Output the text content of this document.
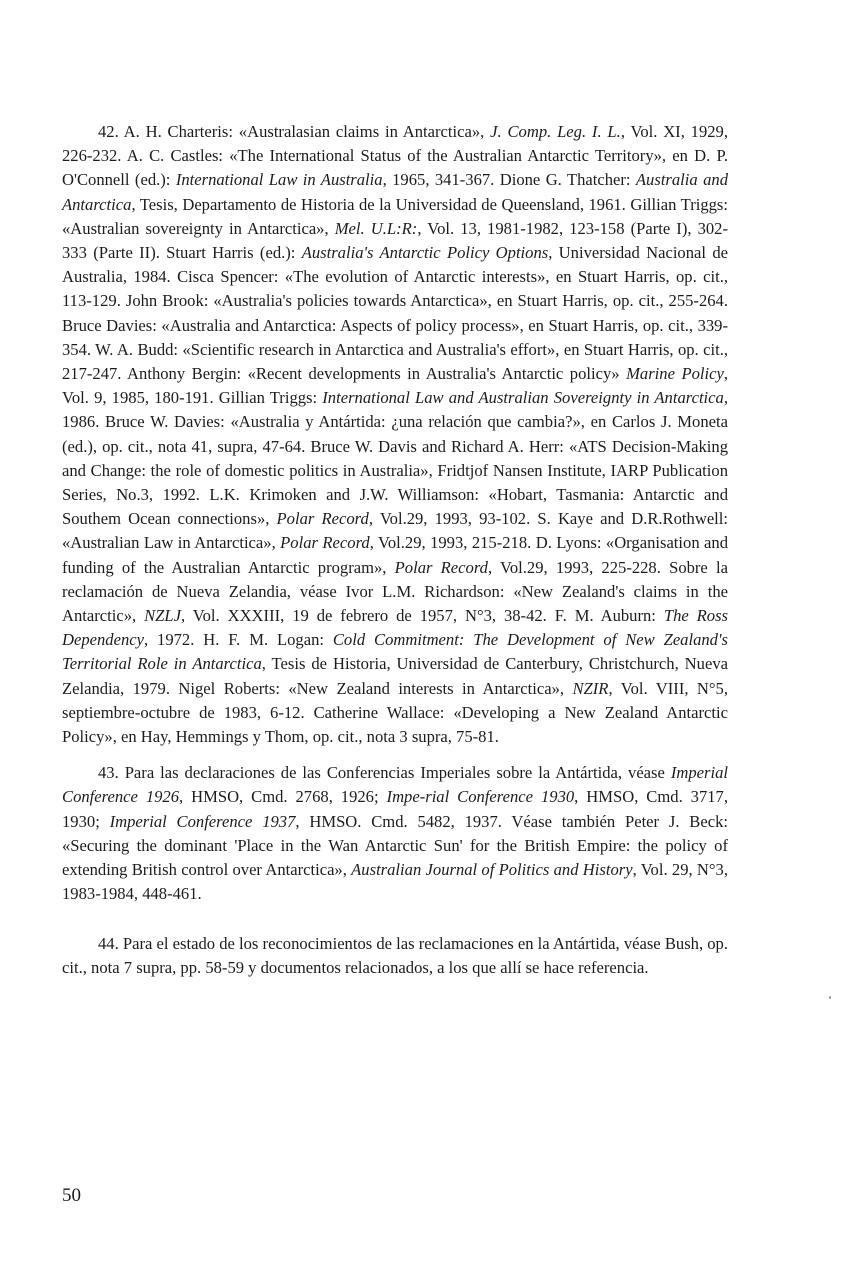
42. A. H. Charteris: «Australasian claims in Antarctica», J. Comp. Leg. I. L., Vol. XI, 1929, 226-232. A. C. Castles: «The International Status of the Australian Antarctic Territory», en D. P. O'Connell (ed.): International Law in Australia, 1965, 341-367. Dione G. Thatcher: Australia and Antarctica, Tesis, Departamento de Historia de la Universidad de Queensland, 1961. Gillian Triggs: «Australian sovereignty in Antarctica», Mel. U.L:R:, Vol. 13, 1981-1982, 123-158 (Parte I), 302-333 (Parte II). Stuart Harris (ed.): Australia's Antarctic Policy Options, Universidad Nacional de Australia, 1984. Cisca Spencer: «The evolution of Antarctic interests», en Stuart Harris, op. cit., 113-129. John Brook: «Australia's policies towards Antarctica», en Stuart Harris, op. cit., 255-264. Bruce Davies: «Australia and Antarctica: Aspects of policy process», en Stuart Harris, op. cit., 339-354. W. A. Budd: «Scientific research in Antarctica and Australia's effort», en Stuart Harris, op. cit., 217-247. Anthony Bergin: «Recent developments in Australia's Antarctic policy» Marine Policy, Vol. 9, 1985, 180-191. Gillian Triggs: International Law and Australian Sovereignty in Antarctica, 1986. Bruce W. Davies: «Australia y Antártida: ¿una relación que cambia?», en Carlos J. Moneta (ed.), op. cit., nota 41, supra, 47-64. Bruce W. Davis and Richard A. Herr: «ATS Decision-Making and Change: the role of domestic politics in Australia», Fridtjof Nansen Institute, IARP Publication Series, No.3, 1992. L.K. Krimoken and J.W. Williamson: «Hobart, Tasmania: Antarctic and Southem Ocean connections», Polar Record, Vol.29, 1993, 93-102. S. Kaye and D.R.Rothwell: «Australian Law in Antarctica», Polar Record, Vol.29, 1993, 215-218. D. Lyons: «Organisation and funding of the Australian Antarctic program», Polar Record, Vol.29, 1993, 225-228. Sobre la reclamación de Nueva Zelandia, véase Ivor L.M. Richardson: «New Zealand's claims in the Antarctic», NZLJ, Vol. XXXIII, 19 de febrero de 1957, N°3, 38-42. F. M. Auburn: The Ross Dependency, 1972. H. F. M. Logan: Cold Commitment: The Development of New Zealand's Territorial Role in Antarctica, Tesis de Historia, Universidad de Canterbury, Christchurch, Nueva Zelandia, 1979. Nigel Roberts: «New Zealand interests in Antarctica», NZIR, Vol. VIII, N°5, septiembre-octubre de 1983, 6-12. Catherine Wallace: «Developing a New Zealand Antarctic Policy», en Hay, Hemmings y Thom, op. cit., nota 3 supra, 75-81.

43. Para las declaraciones de las Conferencias Imperiales sobre la Antártida, véase Imperial Conference 1926, HMSO, Cmd. 2768, 1926; Impe-rial Conference 1930, HMSO, Cmd. 3717, 1930; Imperial Conference 1937, HMSO. Cmd. 5482, 1937. Véase también Peter J. Beck: «Securing the dominant 'Place in the Wan Antarctic Sun' for the British Empire: the policy of extending British control over Antarctica», Australian Journal of Politics and History, Vol. 29, N°3, 1983-1984, 448-461.

44. Para el estado de los reconocimientos de las reclamaciones en la Antártida, véase Bush, op. cit., nota 7 supra, pp. 58-59 y documentos relacionados, a los que allí se hace referencia.

50
